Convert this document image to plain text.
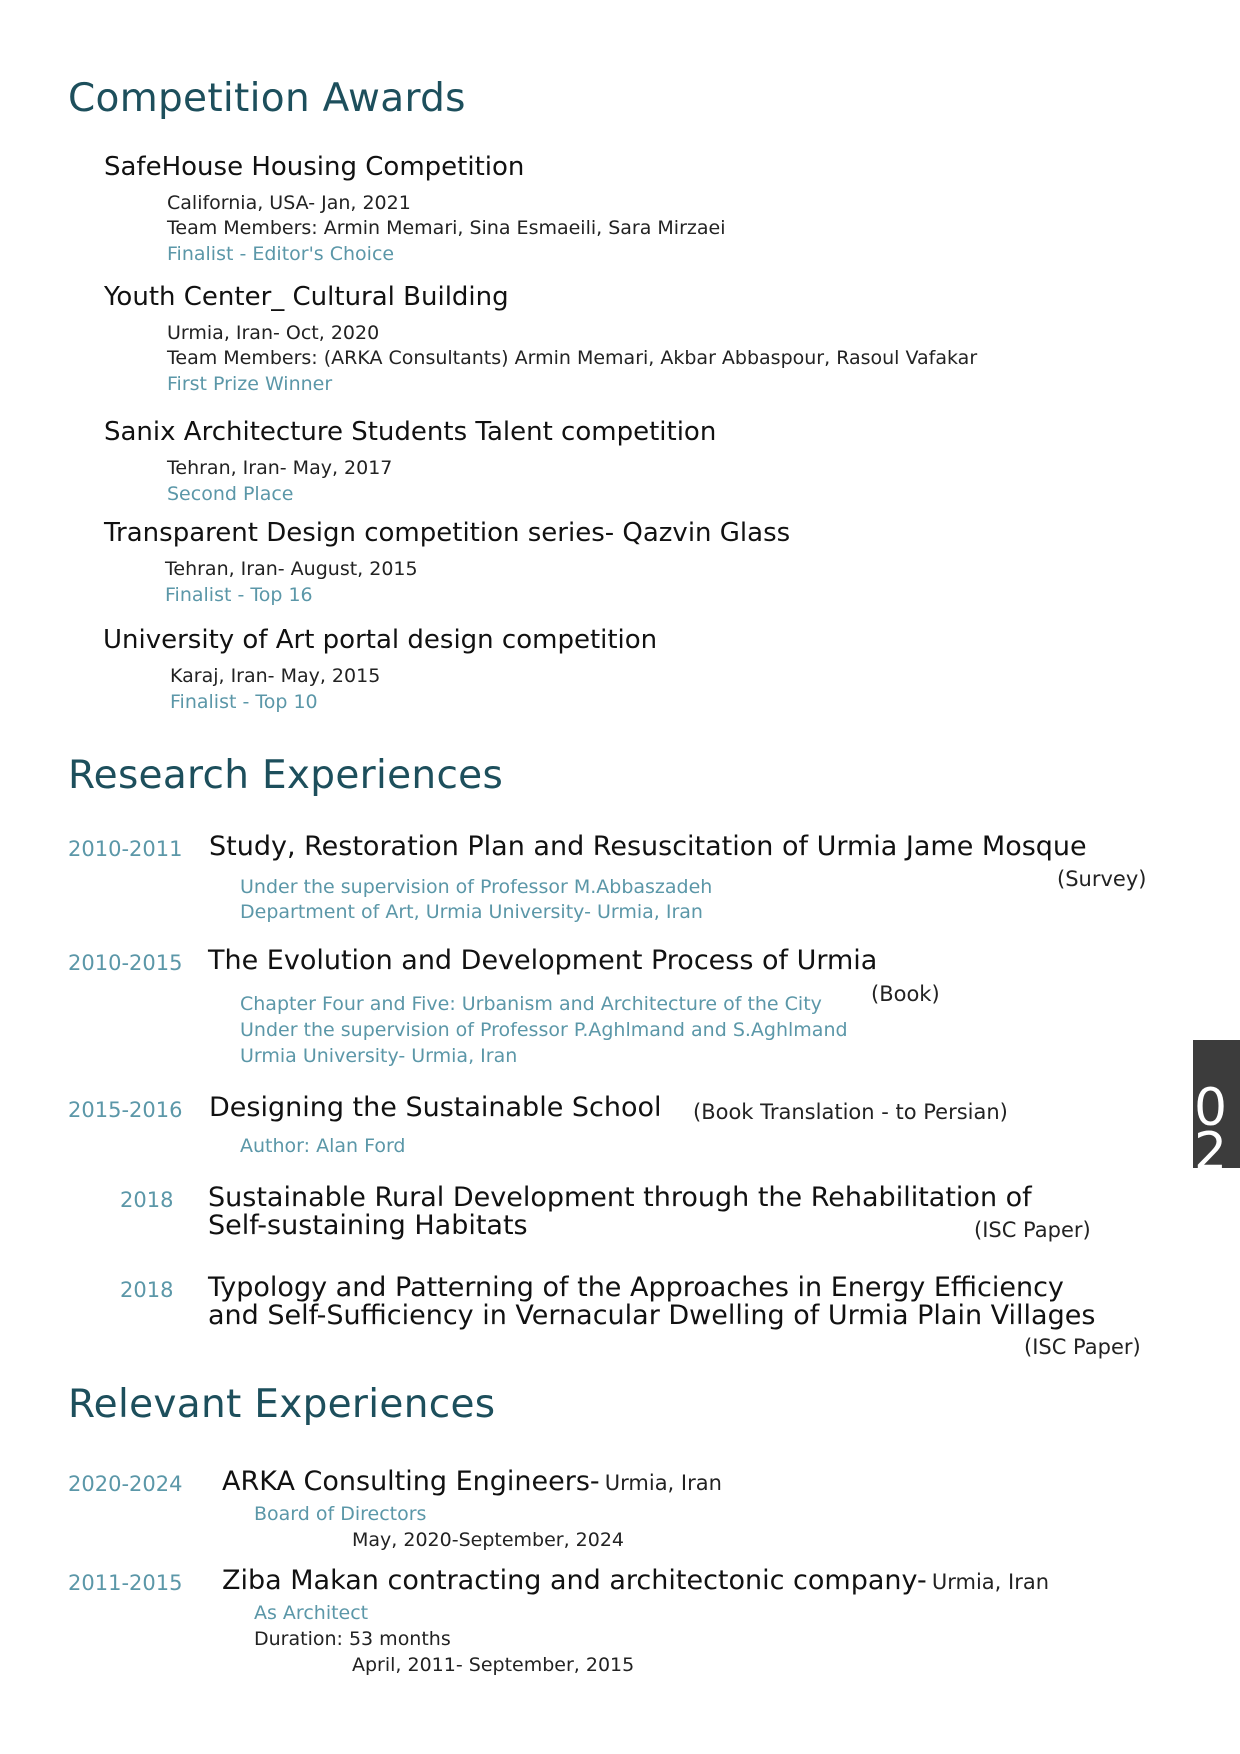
Competition Awards
SafeHouse Housing Competition
California, USA- Jan, 2021
Team Members: Armin Memari, Sina Esmaeili, Sara Mirzaei
Finalist - Editor's Choice
Youth Center_ Cultural Building
Urmia, Iran- Oct, 2020
Team Members: (ARKA Consultants) Armin Memari, Akbar Abbaspour, Rasoul Vafakar
First Prize Winner
Sanix Architecture Students Talent competition
Tehran, Iran- May, 2017
Second Place
Transparent Design competition series- Qazvin Glass
Tehran, Iran- August, 2015
Finalist - Top 16
University of Art portal design competition
Karaj, Iran- May, 2015
Finalist - Top 10
Research Experiences
2010-2011 Study, Restoration Plan and Resuscitation of Urmia Jame Mosque
(Survey)
Under the supervision of Professor M.Abbaszadeh
Department of Art, Urmia University- Urmia, Iran
2010-2015 The Evolution and Development Process of Urmia
(Book)
Chapter Four and Five: Urbanism and Architecture of the City
Under the supervision of Professor P.Aghlmand and S.Aghlmand
Urmia University- Urmia, Iran
2015-2016 Designing the Sustainable School (Book Translation - to Persian)
Author: Alan Ford
2018 Sustainable Rural Development through the Rehabilitation of
Self-sustaining Habitats	(ISC Paper)
2018 Typology and Patterning of the Approaches in Energy Efficiency
and Self-Sufficiency in Vernacular Dwelling of Urmia Plain Villages
(ISC Paper)
Relevant Experiences
2020-2024 ARKA Consulting Engineers- Urmia, Iran
Board of Directors
May, 2020-September, 2024
2011-2015 Ziba Makan contracting and architectonic company- Urmia, Iran
As Architect
Duration: 53 months
April, 2011- September, 2015
0
2
